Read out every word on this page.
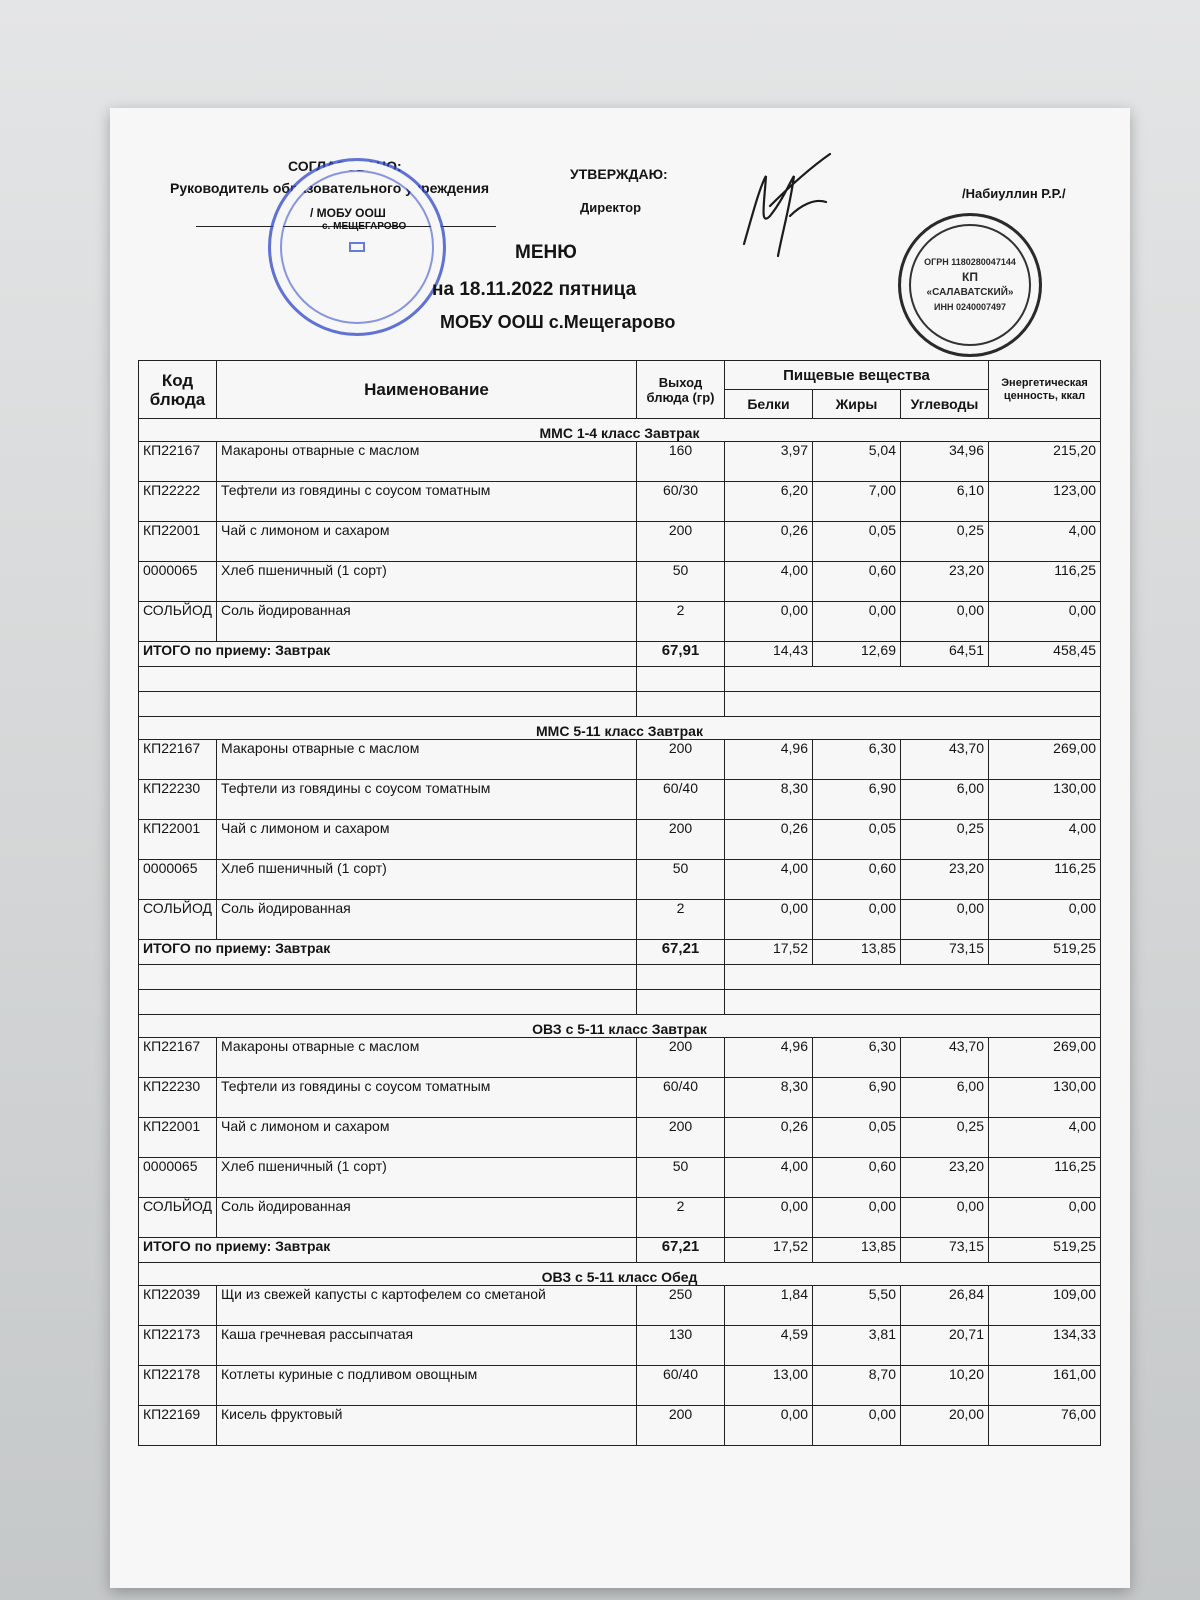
СОГЛАСОВАНО:
Руководитель образовательного учреждения
/ МОБУ ООШ
с. МЕЩЕГАРОВО
УТВЕРЖДАЮ:
Директор
/Набиуллин Р.Р./
ОГРН 1180280047144
КП
«САЛАВАТСКИЙ»
ИНН 0240007497
МЕНЮ
на 18.11.2022 пятница
МОБУ ООШ с.Мещегарово
Код блюда	Наименование	Выход блюда (гр)	Пищевые вещества			Энергетическая ценность, ккал
			Белки	Жиры	Углеводы	
ММС 1-4 класс Завтрак						
КП22167	Макароны отварные с маслом	160	3,97	5,04	34,96	215,20
КП22222	Тефтели из говядины с соусом томатным	60/30	6,20	7,00	6,10	123,00
КП22001	Чай с лимоном и сахаром	200	0,26	0,05	0,25	4,00
0000065	Хлеб пшеничный (1 сорт)	50	4,00	0,60	23,20	116,25
СОЛЬЙОД	Соль йодированная	2	0,00	0,00	0,00	0,00
ИТОГО по приему: Завтрак		67,91	14,43	12,69	64,51	458,45

ММС 5-11 класс Завтрак						
КП22167	Макароны отварные с маслом	200	4,96	6,30	43,70	269,00
КП22230	Тефтели из говядины с соусом томатным	60/40	8,30	6,90	6,00	130,00
КП22001	Чай с лимоном и сахаром	200	0,26	0,05	0,25	4,00
0000065	Хлеб пшеничный (1 сорт)	50	4,00	0,60	23,20	116,25
СОЛЬЙОД	Соль йодированная	2	0,00	0,00	0,00	0,00
ИТОГО по приему: Завтрак		67,21	17,52	13,85	73,15	519,25

ОВЗ с 5-11 класс Завтрак						
КП22167	Макароны отварные с маслом	200	4,96	6,30	43,70	269,00
КП22230	Тефтели из говядины с соусом томатным	60/40	8,30	6,90	6,00	130,00
КП22001	Чай с лимоном и сахаром	200	0,26	0,05	0,25	4,00
0000065	Хлеб пшеничный (1 сорт)	50	4,00	0,60	23,20	116,25
СОЛЬЙОД	Соль йодированная	2	0,00	0,00	0,00	0,00
ИТОГО по приему: Завтрак		67,21	17,52	13,85	73,15	519,25
ОВЗ с 5-11 класс Обед						
КП22039	Щи из свежей капусты с картофелем со сметаной	250	1,84	5,50	26,84	109,00
КП22173	Каша гречневая рассыпчатая	130	4,59	3,81	20,71	134,33
КП22178	Котлеты куриные с подливом овощным	60/40	13,00	8,70	10,20	161,00
КП22169	Кисель фруктовый	200	0,00	0,00	20,00	76,00
